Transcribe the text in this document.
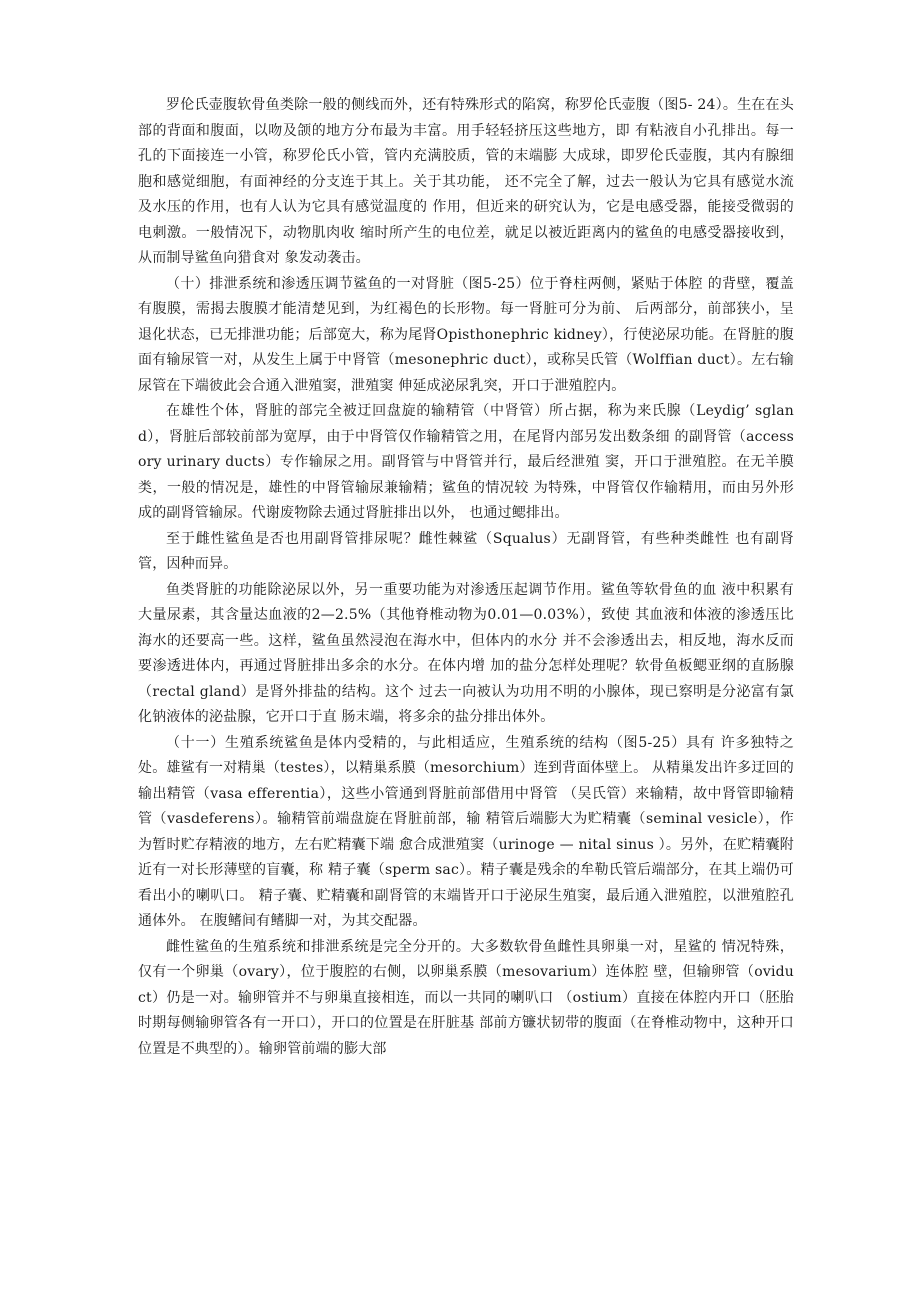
罗伦氏壶腹软骨鱼类除一般的侧线而外，还有特殊形式的陷窝，称罗伦氏壶腹（图5- 24）。生在在头部的背面和腹面，以吻及颌的地方分布最为丰富。用手轻轻挤压这些地方，即 有粘液自小孔排出。每一孔的下面接连一小管，称罗伦氏小管，管内充满胶质，管的末端膨 大成球，即罗伦氏壶腹，其内有腺细胞和感觉细胞，有面神经的分支连于其上。关于其功能， 还不完全了解，过去一般认为它具有感觉水流及水压的作用，也有人认为它具有感觉温度的 作用，但近来的研究认为，它是电感受器，能接受微弱的电刺激。一般情况下，动物肌肉收 缩时所产生的电位差，就足以被近距离内的鲨鱼的电感受器接收到，从而制导鲨鱼向猎食对 象发动袭击。

（十）排泄系统和渗透压调节鲨鱼的一对肾脏（图5-25）位于脊柱两侧，紧贴于体腔 的背壁，覆盖有腹膜，需揭去腹膜才能清楚见到，为红褐色的长形物。每一肾脏可分为前、 后两部分，前部狭小，呈退化状态，已无排泄功能；后部宽大，称为尾肾Opisthonephric kidney），行使泌尿功能。在肾脏的腹面有输尿管一对，从发生上属于中肾管（mesonephric duct），或称吴氏管（Wolffian duct）。左右输尿管在下端彼此会合通入泄殖窦，泄殖窦 伸延成泌尿乳突，开口于泄殖腔内。

在雄性个体，肾脏的部完全被迂回盘旋的输精管（中肾管）所占据，称为来氏腺（Leydig’ sgland），肾脏后部较前部为宽厚，由于中肾管仅作输精管之用，在尾肾内部另发出数条细 的副肾管（accessory urinary ducts）专作输尿之用。副肾管与中肾管并行，最后经泄殖 窦，开口于泄殖腔。在无羊膜类，一般的情况是，雄性的中肾管输尿兼输精；鲨鱼的情况较 为特殊，中肾管仅作输精用，而由另外形成的副肾管输尿。代谢废物除去通过肾脏排出以外， 也通过鳃排出。

至于雌性鲨鱼是否也用副肾管排尿呢？雌性棘鲨（Squalus）无副肾管，有些种类雌性 也有副肾管，因种而异。

鱼类肾脏的功能除泌尿以外，另一重要功能为对渗透压起调节作用。鲨鱼等软骨鱼的血 液中积累有大量尿素，其含量达血液的2—2.5%（其他脊椎动物为0.01—0.03%），致使 其血液和体液的渗透压比海水的还要高一些。这样，鲨鱼虽然浸泡在海水中，但体内的水分 并不会渗透出去，相反地，海水反而要渗透进体内，再通过肾脏排出多余的水分。在体内增 加的盐分怎样处理呢？软骨鱼板鳃亚纲的直肠腺（rectal gland）是肾外排盐的结构。这个 过去一向被认为功用不明的小腺体，现已察明是分泌富有氯化钠液体的泌盐腺，它开口于直 肠末端，将多余的盐分排出体外。

（十一）生殖系统鲨鱼是体内受精的，与此相适应，生殖系统的结构（图5-25）具有 许多独特之处。雄鲨有一对精巢（testes），以精巢系膜（mesorchium）连到背面体壁上。 从精巢发出许多迂回的输出精管（vasa efferentia），这些小管通到肾脏前部借用中肾管 （吴氏管）来输精，故中肾管即输精管（vasdeferens）。输精管前端盘旋在肾脏前部，输 精管后端膨大为贮精囊（seminal vesicle），作为暂时贮存精液的地方，左右贮精囊下端 愈合成泄殖窦（urinoge — nital sinus ）。另外，在贮精囊附近有一对长形薄壁的盲囊，称 精子囊（sperm sac）。精子囊是残余的牟勒氏管后端部分，在其上端仍可看出小的喇叭口。 精子囊、贮精囊和副肾管的末端皆开口于泌尿生殖窦，最后通入泄殖腔，以泄殖腔孔通体外。 在腹鳍间有鳍脚一对，为其交配器。

雌性鲨鱼的生殖系统和排泄系统是完全分开的。大多数软骨鱼雌性具卵巢一对，星鲨的 情况特殊，仅有一个卵巢（ovary），位于腹腔的右侧，以卵巢系膜（mesovarium）连体腔 壁，但输卵管（oviduct）仍是一对。输卵管并不与卵巢直接相连，而以一共同的喇叭口 （ostium）直接在体腔内开口（胚胎时期每侧输卵管各有一开口），开口的位置是在肝脏基 部前方镰状韧带的腹面（在脊椎动物中，这种开口位置是不典型的）。输卵管前端的膨大部
